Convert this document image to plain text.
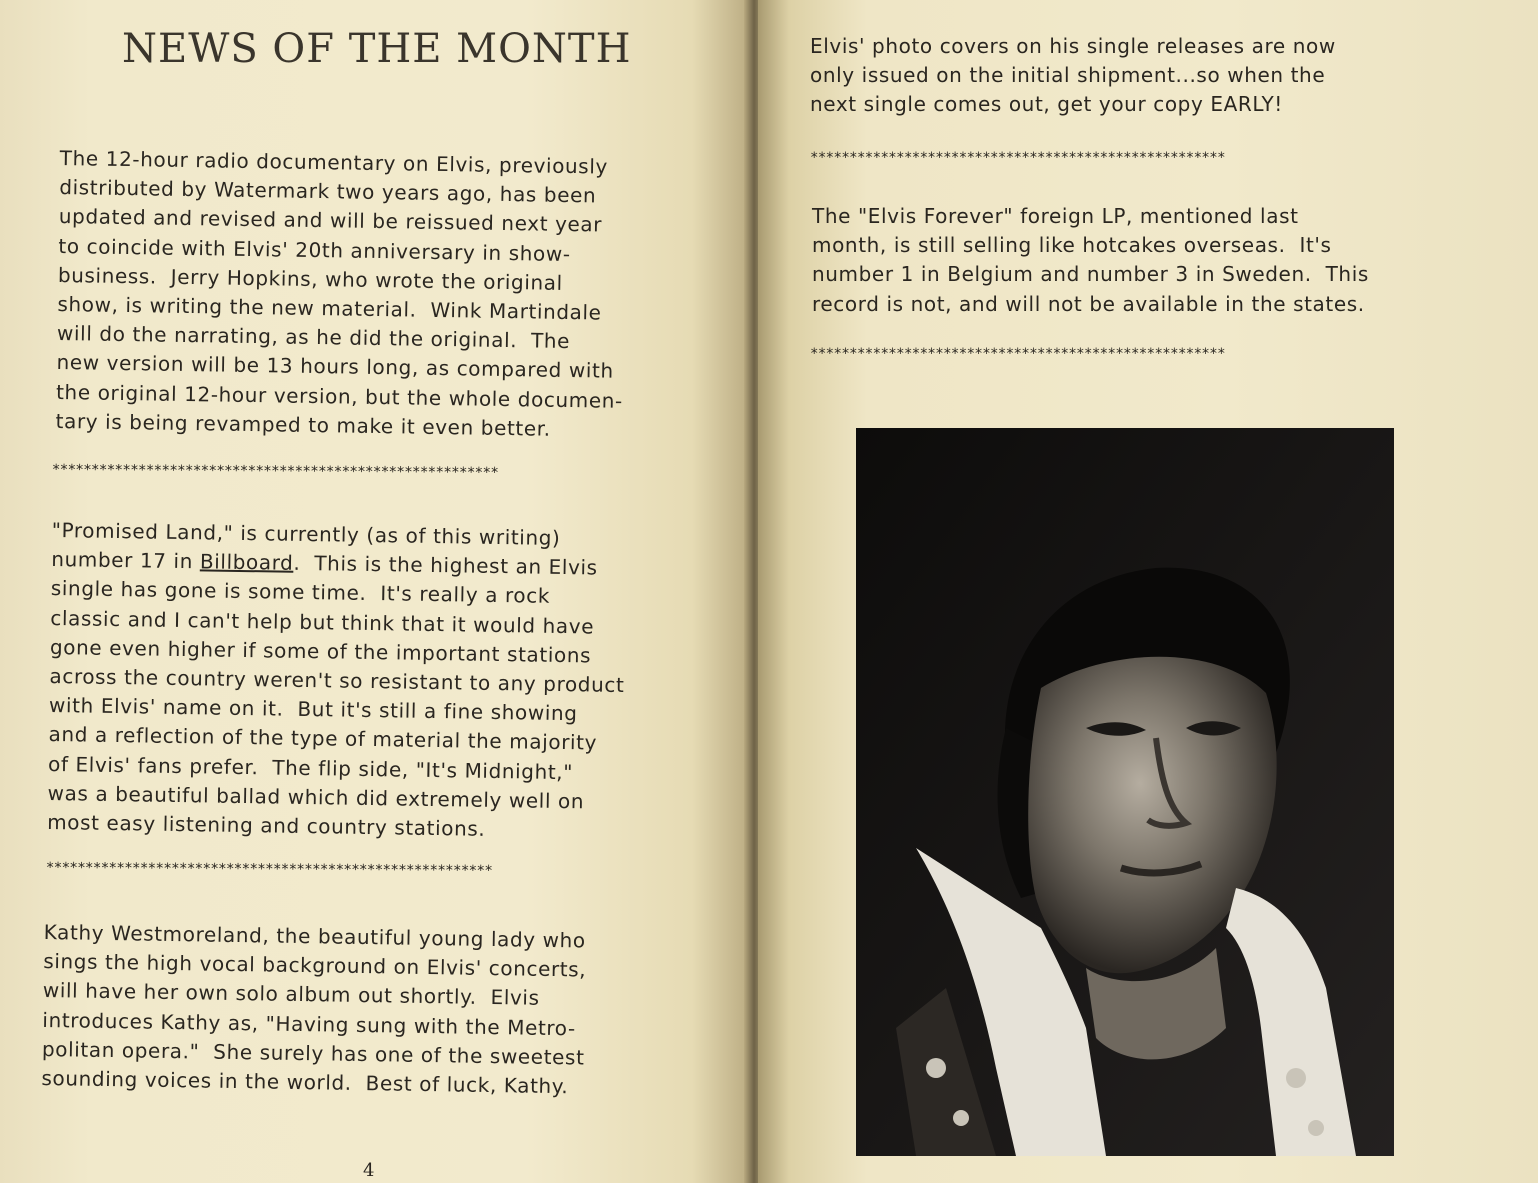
NEWS OF THE MONTH

The 12-hour radio documentary on Elvis, previously
distributed by Watermark two years ago, has been
updated and revised and will be reissued next year
to coincide with Elvis' 20th anniversary in show-
business.  Jerry Hopkins, who wrote the original
show, is writing the new material.  Wink Martindale
will do the narrating, as he did the original.  The
new version will be 13 hours long, as compared with
the original 12-hour version, but the whole documen-
tary is being revamped to make it even better.

*********************************************************

"Promised Land," is currently (as of this writing)
number 17 in Billboard.  This is the highest an Elvis
single has gone is some time.  It's really a rock
classic and I can't help but think that it would have
gone even higher if some of the important stations
across the country weren't so resistant to any product
with Elvis' name on it.  But it's still a fine showing
and a reflection of the type of material the majority
of Elvis' fans prefer.  The flip side, "It's Midnight,"
was a beautiful ballad which did extremely well on
most easy listening and country stations.

*********************************************************

Kathy Westmoreland, the beautiful young lady who
sings the high vocal background on Elvis' concerts,
will have her own solo album out shortly.  Elvis
introduces Kathy as, "Having sung with the Metro-
politan opera."  She surely has one of the sweetest
sounding voices in the world.  Best of luck, Kathy.

4

Elvis' photo covers on his single releases are now
only issued on the initial shipment...so when the
next single comes out, get your copy EARLY!

*****************************************************

The "Elvis Forever" foreign LP, mentioned last
month, is still selling like hotcakes overseas.  It's
number 1 in Belgium and number 3 in Sweden.  This
record is not, and will not be available in the states.

*****************************************************
